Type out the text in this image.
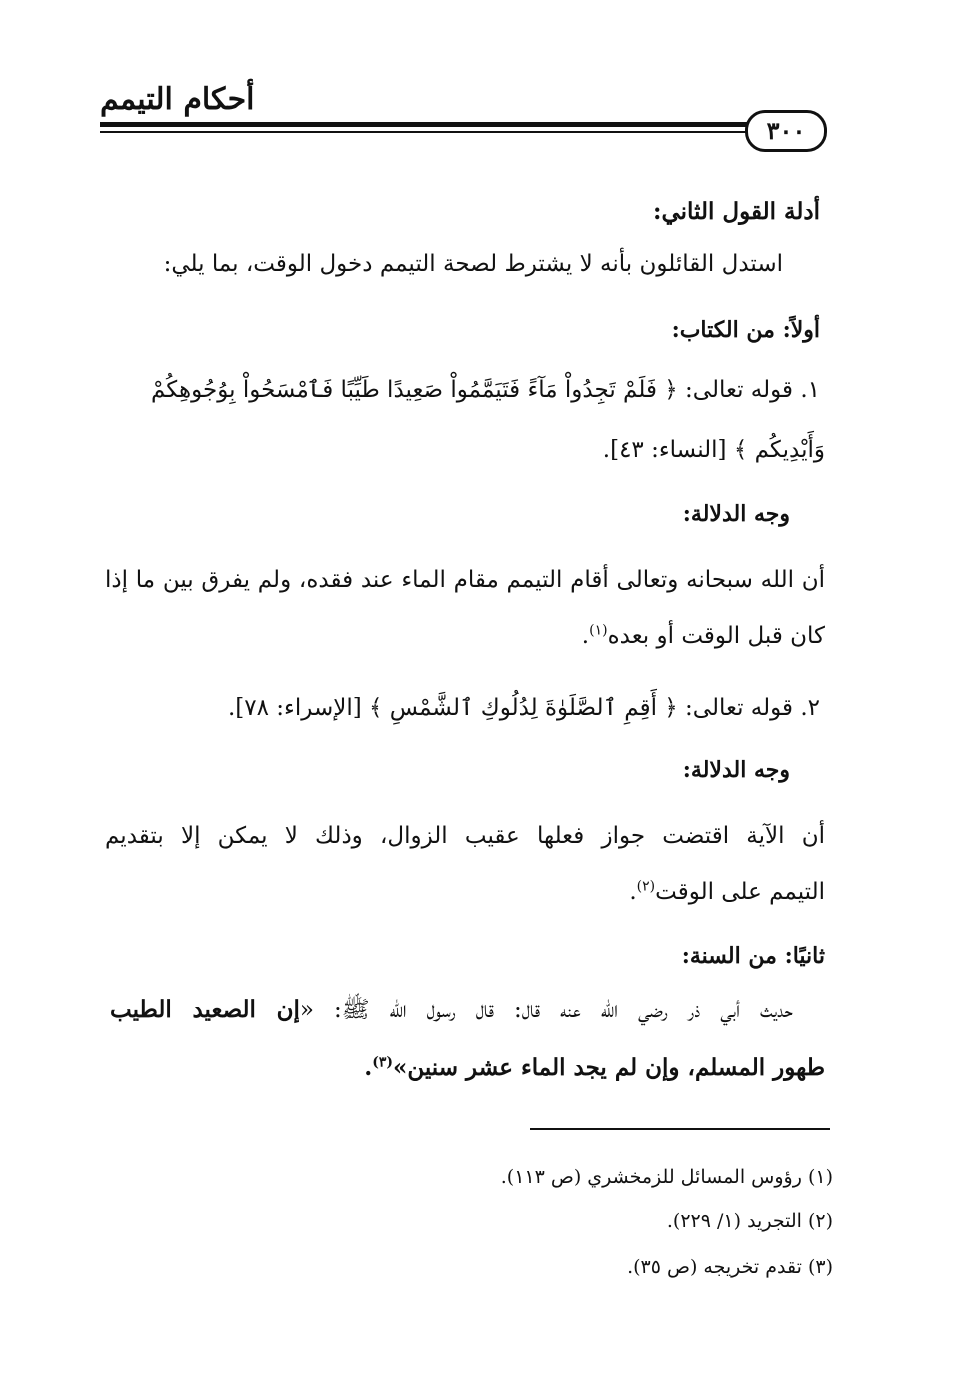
أحكام التيمم
٣٠٠
أدلة القول الثاني:
استدل القائلون بأنه لا يشترط لصحة التيمم دخول الوقت، بما يلي:
أولاً: من الكتاب:
١. قوله تعالى: ﴿ فَلَمْ تَجِدُواْ مَآءً فَتَيَمَّمُواْ صَعِيدًا طَيِّبًا فَٱمْسَحُواْ بِوُجُوهِكُمْ
وَأَيْدِيكُم ﴾ [النساء: ٤٣].
وجه الدلالة:
أن الله سبحانه وتعالى أقام التيمم مقام الماء عند فقده، ولم يفرق بين ما إذا
كان قبل الوقت أو بعده$^{(١)}$.
٢. قوله تعالى: ﴿ أَقِمِ ٱلصَّلَوٰةَ لِدُلُوكِ ٱلشَّمْسِ ﴾ [الإسراء: ٧٨].
وجه الدلالة:
أن الآية اقتضت جواز فعلها عقيب الزوال، وذلك لا يمكن إلا بتقديم
التيمم على الوقت$^{(٢)}$.
ثانيًا: من السنة:
حديث أبي ذر رضي الله عنه قال: قال رسول الله ﷺ: «إن الصعيد الطيب
طهور المسلم، وإن لم يجد الماء عشر سنين»$^{(٣)}$.
(١) رؤوس المسائل للزمخشري (ص ١١٣).
(٢) التجريد (١/ ٢٢٩).
(٣) تقدم تخريجه (ص ٣٥).
